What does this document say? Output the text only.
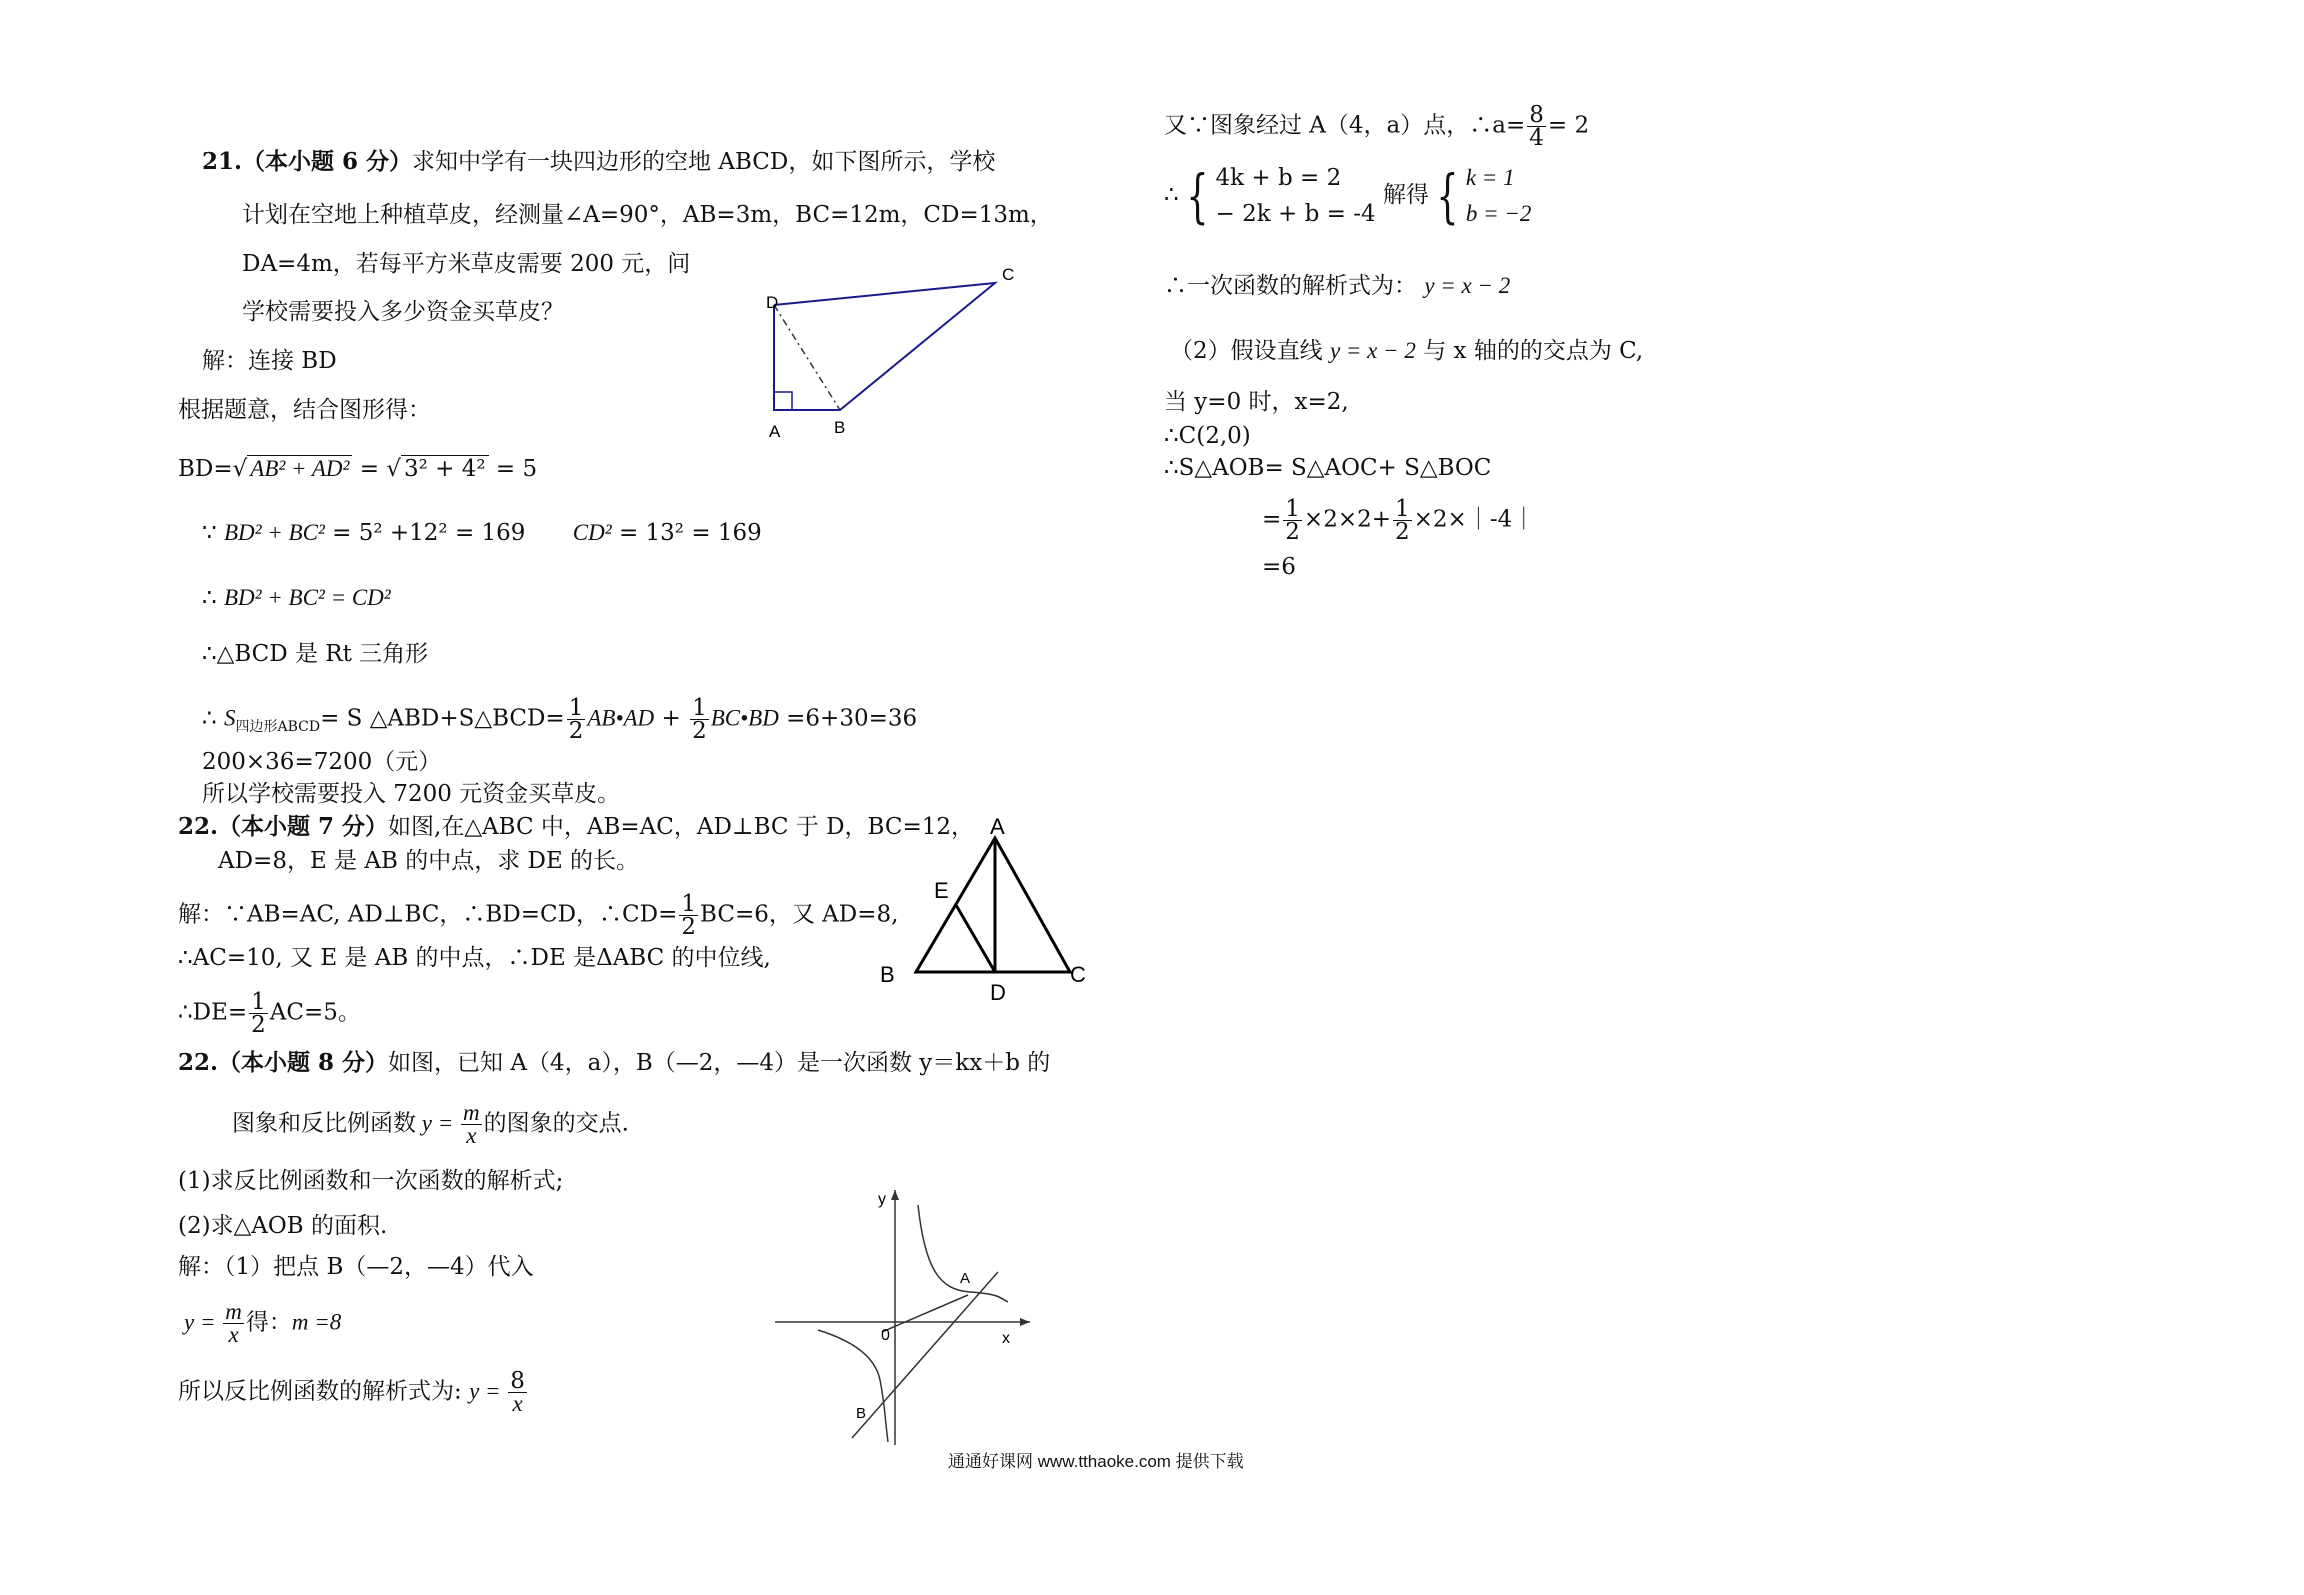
21.（本小题 6 分）求知中学有一块四边形的空地 ABCD，如下图所示，学校
计划在空地上种植草皮，经测量∠A=90°，AB=3m，BC=12m，CD=13m，
DA=4m，若每平方米草皮需要 200 元，问
学校需要投入多少资金买草皮？
解：连接 BD
根据题意，结合图形得：
BD=√ AB² + AD² = √ 3² + 4² = 5
∵ BD² + BC² = 5² +12² = 169 CD² = 13² = 169
∴ BD² + BC² = CD²
∴△BCD 是 Rt 三角形
∴ $S_{四边形ABCD}= S$ △ABD+S△BCD= $\frac{1}{2}$ AB•AD + $\frac{1}{2}$ BC•BD =6+30=36
200×36=7200（元）
所以学校需要投入 7200 元资金买草皮。
A	B
C
D
22.（本小题 7 分）如图,在△ABC 中，AB=AC，AD⊥BC 于 D，BC=12，
AD=8，E 是 AB 的中点，求 DE 的长。
解：∵AB=AC, AD⊥BC，∴BD=CD，∴CD= $\frac{1}{2} BC=6$，又 AD=8,
∴AC=10, 又 E 是 AB 的中点，∴DE 是ΔABC 的中位线,
∴DE= $\frac{1}{2} AC=5$。
A
B	C
D
E
22.（本小题 8 分）如图，已知 A（4，a），B（—2，—4）是一次函数 y＝kx＋b 的
图象和反比例函数 $y = \frac{m}{x}$ 的图象的交点.
(1)求反比例函数和一次函数的解析式;
(2)求△AOB 的面积.
解：（1）把点 B（—2，—4）代入
$y = \frac{m}{x}$ 得：m =8
所以反比例函数的解析式为: $y = \frac{8}{x}$
y
x
0
A
B
又∵图象经过 A（4，a）点，∴a= $\frac{8}{4} = 2$
∴ { 4k + b = 2
− 2k + b = -4
解得 { k = 1
b = −2
∴一次函数的解析式为： y = x − 2
（2）假设直线 y = x − 2 与 x 轴的的交点为 C,
当 y=0 时，x=2,
∴C(2,0)
∴S△AOB= S△AOC+ S△BOC
= $\frac{1}{2} \times 2\times 2+ \frac{1}{2}$ ×2×｜-4｜
=6
通通好课网 www.tthaoke.com 提供下载
